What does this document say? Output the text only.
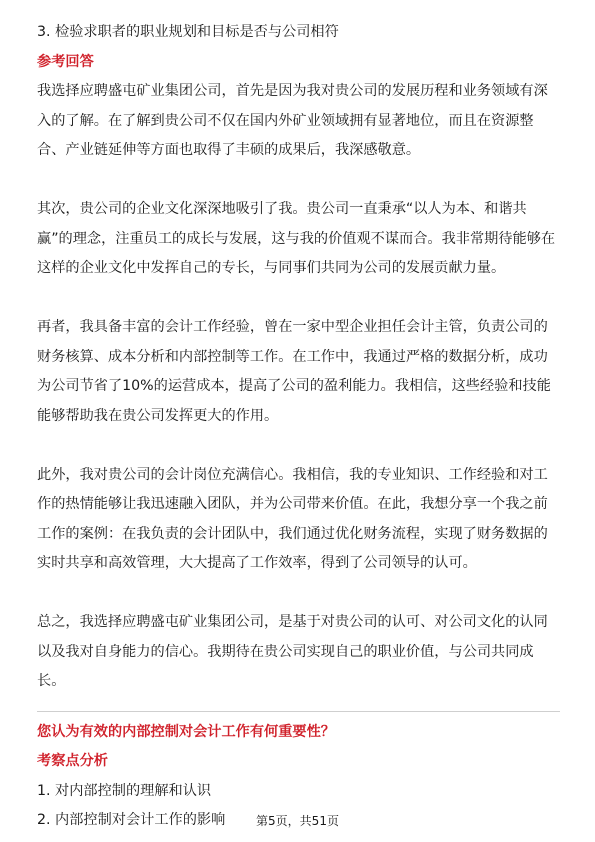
3. 检验求职者的职业规划和目标是否与公司相符

参考回答

我选择应聘盛屯矿业集团公司，首先是因为我对贵公司的发展历程和业务领域有深

入的了解。在了解到贵公司不仅在国内外矿业领域拥有显著地位，而且在资源整

合、产业链延伸等方面也取得了丰硕的成果后，我深感敬意。

其次，贵公司的企业文化深深地吸引了我。贵公司一直秉承“以人为本、和谐共

赢”的理念，注重员工的成长与发展，这与我的价值观不谋而合。我非常期待能够在

这样的企业文化中发挥自己的专长，与同事们共同为公司的发展贡献力量。

再者，我具备丰富的会计工作经验，曾在一家中型企业担任会计主管，负责公司的

财务核算、成本分析和内部控制等工作。在工作中，我通过严格的数据分析，成功

为公司节省了10%的运营成本，提高了公司的盈利能力。我相信，这些经验和技能

能够帮助我在贵公司发挥更大的作用。

此外，我对贵公司的会计岗位充满信心。我相信，我的专业知识、工作经验和对工

作的热情能够让我迅速融入团队，并为公司带来价值。在此，我想分享一个我之前

工作的案例：在我负责的会计团队中，我们通过优化财务流程，实现了财务数据的

实时共享和高效管理，大大提高了工作效率，得到了公司领导的认可。

总之，我选择应聘盛屯矿业集团公司，是基于对贵公司的认可、对公司文化的认同

以及我对自身能力的信心。我期待在贵公司实现自己的职业价值，与公司共同成

长。

您认为有效的内部控制对会计工作有何重要性？

考察点分析

1. 对内部控制的理解和认识

2. 内部控制对会计工作的影响	第5页，共51页
